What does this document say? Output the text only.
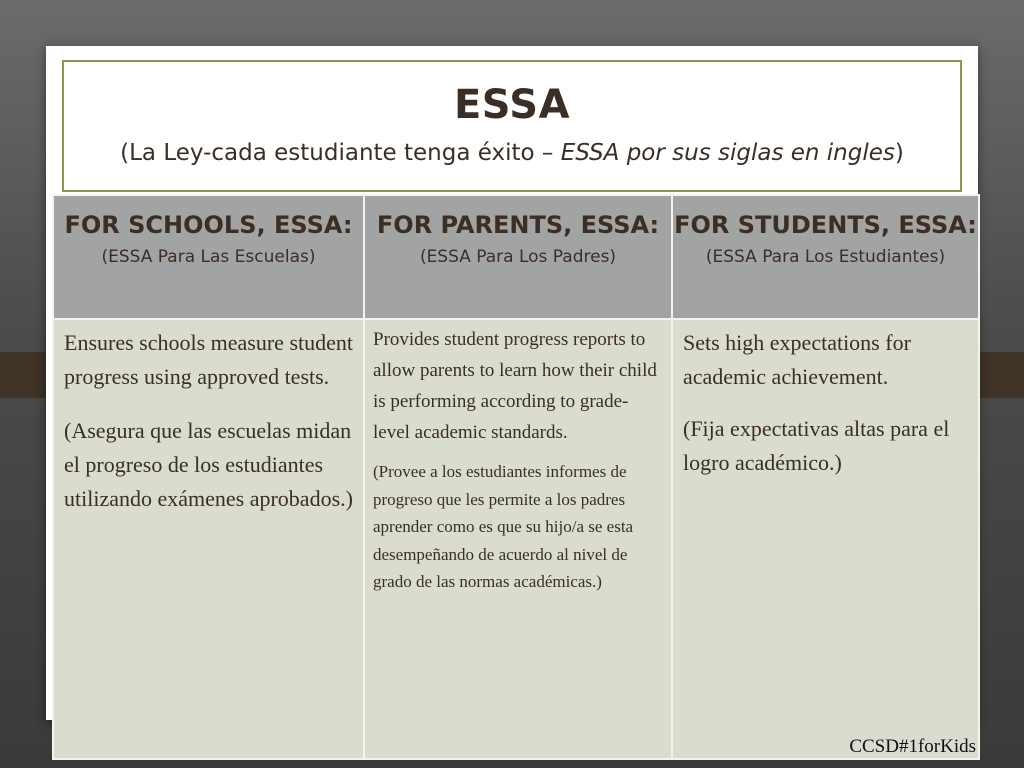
ESSA

(La Ley-cada estudiante tenga éxito – ESSA por sus siglas en ingles)

FOR SCHOOLS, ESSA:

(ESSA Para Las Escuelas)

Ensures schools measure student progress using approved tests.

(Asegura que las escuelas midan el progreso de los estudiantes utilizando exámenes aprobados.)

FOR PARENTS, ESSA:

(ESSA Para Los Padres)

Provides student progress reports to allow parents to learn how their child is performing according to grade-level academic standards.

(Provee a los estudiantes informes de progreso que les permite a los padres aprender como es que su hijo/a se esta desempeñando de acuerdo al nivel de grado de las normas académicas.)

FOR STUDENTS, ESSA:

(ESSA Para Los Estudiantes)

Sets high expectations for academic achievement.

(Fija expectativas altas para el logro académico.)

CCSD#1forKids
